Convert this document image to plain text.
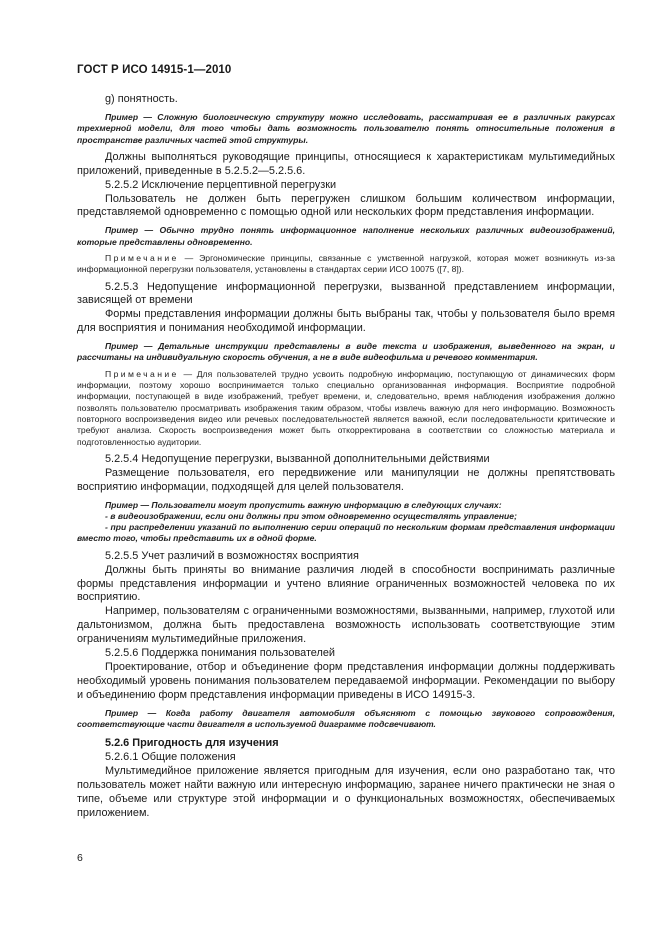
ГОСТ Р ИСО 14915-1—2010

g) понятность.

Пример — Сложную биологическую структуру можно исследовать, рассматривая ее в различных ракурсах трехмерной модели, для того чтобы дать возможность пользователю понять относительные положения в пространстве различных частей этой структуры.

Должны выполняться руководящие принципы, относящиеся к характеристикам мультимедийных приложений, приведенные в 5.2.5.2—5.2.5.6.

5.2.5.2 Исключение перцептивной перегрузки

Пользователь не должен быть перегружен слишком большим количеством информации, представляемой одновременно с помощью одной или нескольких форм представления информации.

Пример — Обычно трудно понять информационное наполнение нескольких различных видеоизображений, которые представлены одновременно.

Примечание — Эргономические принципы, связанные с умственной нагрузкой, которая может возникнуть из-за информационной перегрузки пользователя, установлены в стандартах серии ИСО 10075 ([7, 8]).

5.2.5.3 Недопущение информационной перегрузки, вызванной представлением информации, зависящей от времени

Формы представления информации должны быть выбраны так, чтобы у пользователя было время для восприятия и понимания необходимой информации.

Пример — Детальные инструкции представлены в виде текста и изображения, выведенного на экран, и рассчитаны на индивидуальную скорость обучения, а не в виде видеофильма и речевого комментария.

Примечание — Для пользователей трудно усвоить подробную информацию, поступающую от динамических форм информации, поэтому хорошо воспринимается только специально организованная информация. Восприятие подробной информации, поступающей в виде изображений, требует времени, и, следовательно, время наблюдения изображения должно позволять пользователю просматривать изображения таким образом, чтобы извлечь важную для него информацию. Возможность повторного воспроизведения видео или речевых последовательностей является важной, если последовательности критические и требуют анализа. Скорость воспроизведения может быть откорректирована в соответствии со сложностью материала и подготовленностью аудитории.

5.2.5.4 Недопущение перегрузки, вызванной дополнительными действиями

Размещение пользователя, его передвижение или манипуляции не должны препятствовать восприятию информации, подходящей для целей пользователя.

Пример — Пользователи могут пропустить важную информацию в следующих случаях:

- в видеоизображении, если они должны при этом одновременно осуществлять управление;

- при распределении указаний по выполнению серии операций по нескольким формам представления информации вместо того, чтобы представить их в одной форме.

5.2.5.5 Учет различий в возможностях восприятия

Должны быть приняты во внимание различия людей в способности воспринимать различные формы представления информации и учтено влияние ограниченных возможностей человека по их восприятию.

Например, пользователям с ограниченными возможностями, вызванными, например, глухотой или дальтонизмом, должна быть предоставлена возможность использовать соответствующие этим ограничениям мультимедийные приложения.

5.2.5.6 Поддержка понимания пользователей

Проектирование, отбор и объединение форм представления информации должны поддерживать необходимый уровень понимания пользователем передаваемой информации. Рекомендации по выбору и объединению форм представления информации приведены в ИСО 14915-3.

Пример — Когда работу двигателя автомобиля объясняют с помощью звукового сопровождения, соответствующие части двигателя в используемой диаграмме подсвечивают.

5.2.6 Пригодность для изучения

5.2.6.1 Общие положения

Мультимедийное приложение является пригодным для изучения, если оно разработано так, что пользователь может найти важную или интересную информацию, заранее ничего практически не зная о типе, объеме или структуре этой информации и о функциональных возможностях, обеспечиваемых приложением.

6
